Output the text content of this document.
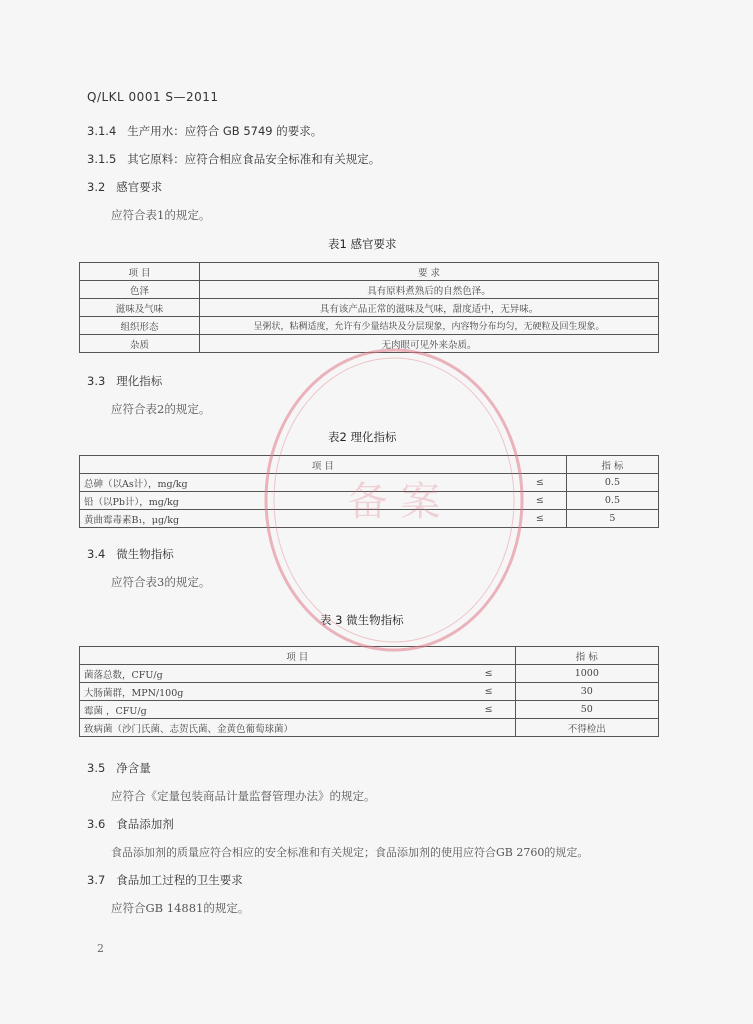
Q/LKL 0001 S—2011
3.1.4 生产用水：应符合 GB 5749 的要求。
3.1.5 其它原料：应符合相应食品安全标准和有关规定。
3.2 感官要求
应符合表1的规定。
表1 感官要求
项 目	要 求
色泽	具有原料煮熟后的自然色泽。
滋味及气味	具有该产品正常的滋味及气味，甜度适中，无异味。
组织形态	呈粥状，粘稠适度，允许有少量结块及分层现象，内容物分布均匀，无硬粒及回生现象。
杂质	无肉眼可见外来杂质。
3.3 理化指标
应符合表2的规定。
表2 理化指标
项 目		指 标
总砷（以As计），mg/kg	≤	0.5
铅（以Pb计），mg/kg	≤	0.5
黄曲霉毒素B₁，μg/kg	≤	5
3.4 微生物指标
应符合表3的规定。
表 3 微生物指标
项 目		指 标
菌落总数，CFU/g	≤	1000
大肠菌群，MPN/100g	≤	30
霉菌 ，CFU/g	≤	50
致病菌（沙门氏菌、志贺氏菌、金黄色葡萄球菌）		不得检出
3.5 净含量
应符合《定量包装商品计量监督管理办法》的规定。
3.6 食品添加剂
食品添加剂的质量应符合相应的安全标准和有关规定；食品添加剂的使用应符合GB 2760的规定。
3.7 食品加工过程的卫生要求
应符合GB 14881的规定。
2
备 案
